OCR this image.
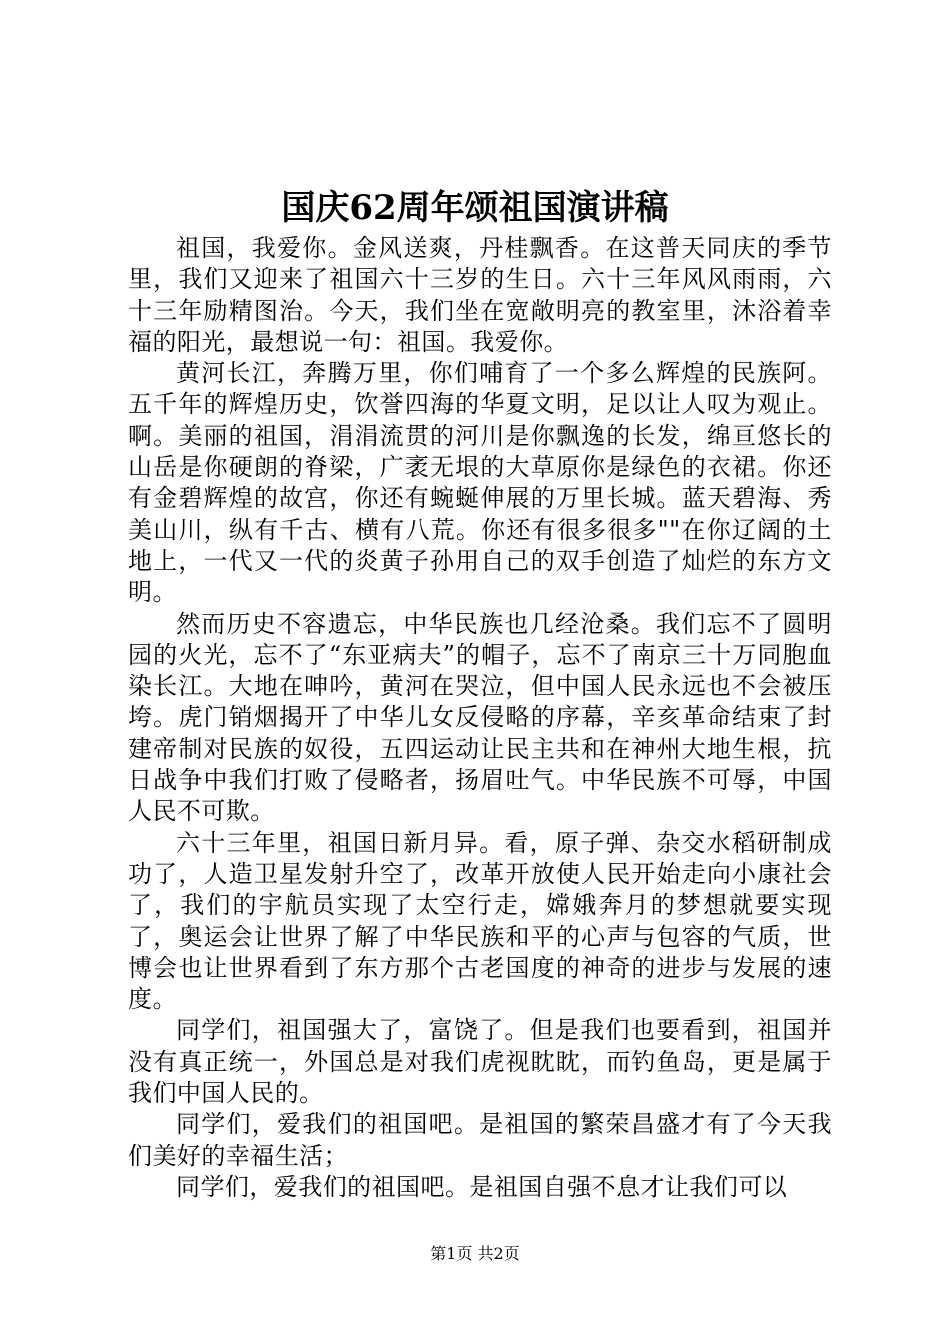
国庆62周年颂祖国演讲稿

祖国，我爱你。金风送爽，丹桂飘香。在这普天同庆的季节里，我们又迎来了祖国六十三岁的生日。六十三年风风雨雨，六十三年励精图治。今天，我们坐在宽敞明亮的教室里，沐浴着幸福的阳光，最想说一句：祖国。我爱你。

黄河长江，奔腾万里，你们哺育了一个多么辉煌的民族阿。五千年的辉煌历史，饮誉四海的华夏文明，足以让人叹为观止。啊。美丽的祖国，涓涓流贯的河川是你飘逸的长发，绵亘悠长的山岳是你硬朗的脊梁，广袤无垠的大草原你是绿色的衣裙。你还有金碧辉煌的故宫，你还有蜿蜒伸展的万里长城。蓝天碧海、秀美山川，纵有千古、横有八荒。你还有很多很多""在你辽阔的土地上，一代又一代的炎黄子孙用自己的双手创造了灿烂的东方文明。

然而历史不容遗忘，中华民族也几经沧桑。我们忘不了圆明园的火光，忘不了“东亚病夫”的帽子，忘不了南京三十万同胞血染长江。大地在呻吟，黄河在哭泣，但中国人民永远也不会被压垮。虎门销烟揭开了中华儿女反侵略的序幕，辛亥革命结束了封建帝制对民族的奴役，五四运动让民主共和在神州大地生根，抗日战争中我们打败了侵略者，扬眉吐气。中华民族不可辱，中国人民不可欺。

六十三年里，祖国日新月异。看，原子弹、杂交水稻研制成功了，人造卫星发射升空了，改革开放使人民开始走向小康社会了，我们的宇航员实现了太空行走，嫦娥奔月的梦想就要实现了，奥运会让世界了解了中华民族和平的心声与包容的气质，世博会也让世界看到了东方那个古老国度的神奇的进步与发展的速度。

同学们，祖国强大了，富饶了。但是我们也要看到，祖国并没有真正统一，外国总是对我们虎视眈眈，而钓鱼岛，更是属于我们中国人民的。

同学们，爱我们的祖国吧。是祖国的繁荣昌盛才有了今天我们美好的幸福生活；

同学们，爱我们的祖国吧。是祖国自强不息才让我们可以

第1页 共2页
